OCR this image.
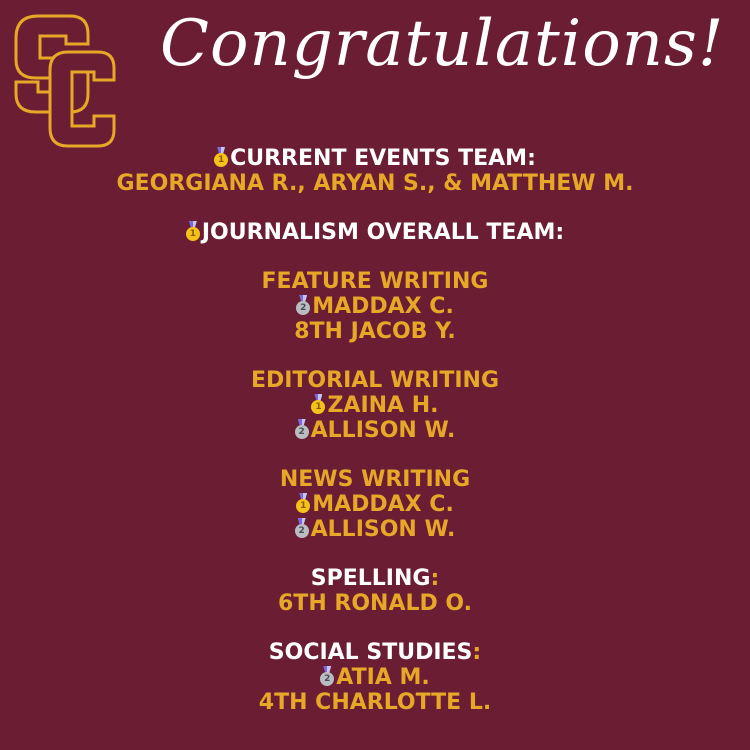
Congratulations!
1 CURRENT EVENTS TEAM:
GEORGIANA R., ARYAN S., & MATTHEW M.
1 JOURNALISM OVERALL TEAM:
FEATURE WRITING
2 MADDAX C.
8TH JACOB Y.
EDITORIAL WRITING
1 ZAINA H.
2 ALLISON W.
NEWS WRITING
1 MADDAX C.
2 ALLISON W.
SPELLING:
6TH RONALD O.
SOCIAL STUDIES:
2 ATIA M.
4TH CHARLOTTE L.
